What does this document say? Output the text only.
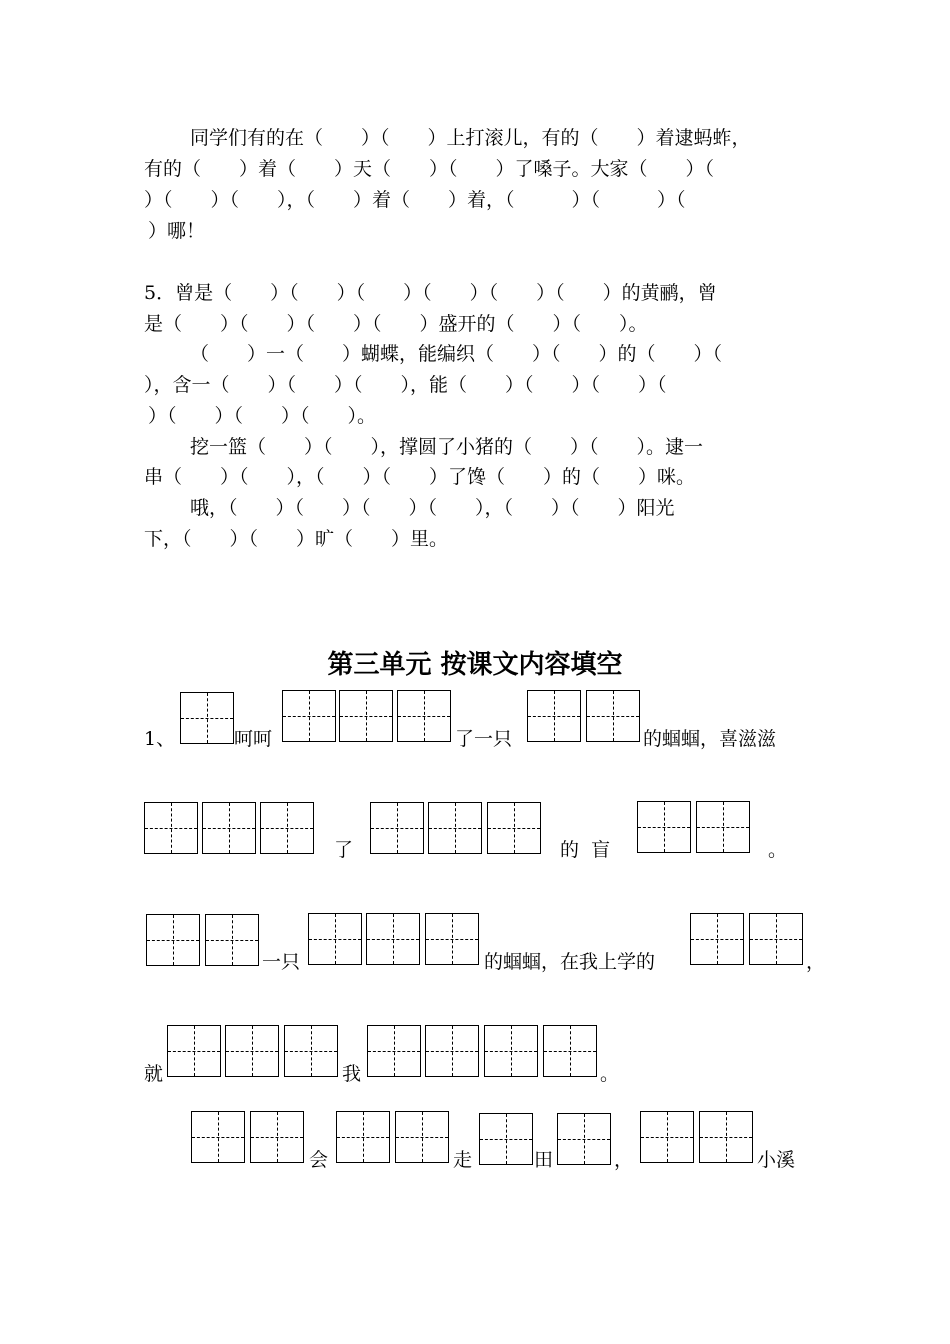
同学们有的在（　　）（　　）上打滚儿，有的（　　）着逮蚂蚱，
有的（　　）着（　　）天（　　）（　　）了嗓子。大家（　　）（
）（　　）（　　），（　　）着（　　）着，（　　　）（　　　）（
）哪！
5．曾是（　　）（　　）（　　）（　　）（　　）（　　）的黄鹂，曾
是（　　）（　　）（　　）（　　）盛开的（　　）（　　）。
（　　）一（　　）蝴蝶，能编织（　　）（　　）的（　　）（
），含一（　　）（　　）（　　），能（　　）（　　）（　　）（
）（　　）（　　）（　　）。
挖一篮（　　）（　　），撑圆了小猪的（　　）（　　）。逮一
串（　　）（　　），（　　）（　　）了馋（　　）的（　　）咪。
哦，（　　）（　　）（　　）（　　），（　　）（　　）阳光
下，（　　）（　　）旷（　　）里。
第三单元 按课文内容填空
1、	呵呵	了一只	的蝈蝈，喜滋滋
了	的  盲	。
一只	的蝈蝈，在我上学的	，
就	我	。
会	走	田	，	小溪
